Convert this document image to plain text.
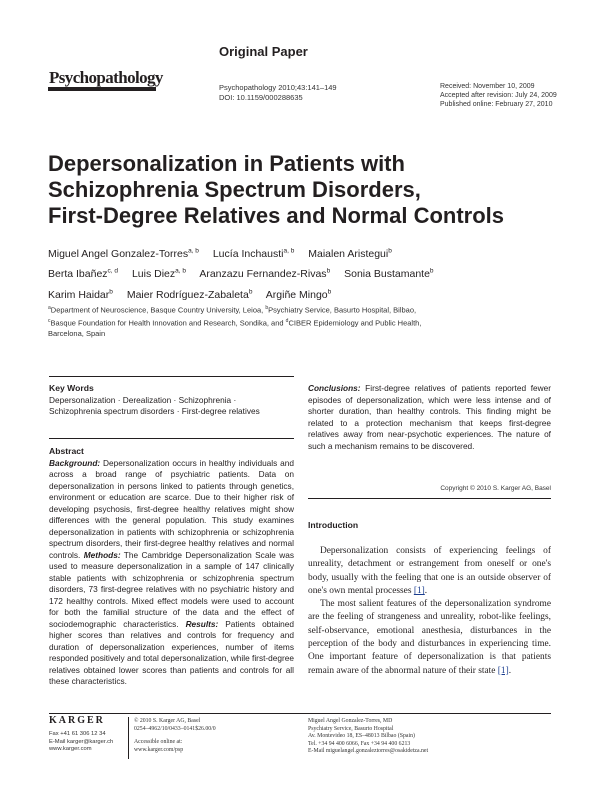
Original Paper
Psychopathology
Psychopathology 2010;43:141–149
DOI: 10.1159/000288635
Received: November 10, 2009
Accepted after revision: July 24, 2009
Published online: February 27, 2010
Depersonalization in Patients with
Schizophrenia Spectrum Disorders,
First-Degree Relatives and Normal Controls
Miguel Angel Gonzalez-Torres$^{a, b}$ Lucía Inchausti$^{a, b}$ Maialen Aristegui$^b$
Berta Ibañez$^{c, d}$ Luis Diez$^{a, b}$ Aranzazu Fernandez-Rivas$^b$ Sonia Bustamante$^b$
Karim Haidar$^b$ Maier Rodríguez-Zabaleta$^b$ Argiñe Mingo$^b$
$^a$Department of Neuroscience, Basque Country University, Leioa, $^b$Psychiatry Service, Basurto Hospital, Bilbao,
$^c$Basque Foundation for Health Innovation and Research, Sondika, and $^d$CIBER Epidemiology and Public Health,
Barcelona, Spain
Key Words
Depersonalization · Derealization · Schizophrenia ·
Schizophrenia spectrum disorders · First-degree relatives
Abstract
Background: Depersonalization occurs in healthy individuals and across a broad range of psychiatric patients. Data on depersonalization in persons linked to patients through genetics, environment or education are scarce. Due to their higher risk of developing psychosis, first-degree healthy relatives might show differences with the general population. This study examines depersonalization in patients with schizophrenia or schizophrenia spectrum disorders, their first-degree healthy relatives and normal controls. Methods: The Cambridge Depersonalization Scale was used to measure depersonalization in a sample of 147 clinically stable patients with schizophrenia or schizophrenia spectrum disorders, 73 first-degree relatives with no psychiatric history and 172 healthy controls. Mixed effect models were used to account for both the familial structure of the data and the effect of sociodemographic characteristics. Results: Patients obtained higher scores than relatives and controls for frequency and duration of depersonalization experiences, number of items responded positively and total depersonalization, while first-degree relatives obtained lower scores than patients and controls for all these characteristics.
Conclusions: First-degree relatives of patients reported fewer episodes of depersonalization, which were less intense and of shorter duration, than healthy controls. This finding might be related to a protection mechanism that keeps first-degree relatives away from near-psychotic experiences. The nature of such a mechanism remains to be discovered.
Copyright © 2010 S. Karger AG, Basel
Introduction

Depersonalization consists of experiencing feelings of unreality, detachment or estrangement from oneself or one's body, usually with the feeling that one is an outside observer of one's own mental processes [1].

The most salient features of the depersonalization syndrome are the feeling of strangeness and unreality, robot-like feelings, self-observance, emotional anesthesia, disturbances in the perception of the body and disturbances in experiencing time. One important feature of depersonalization is that patients remain aware of the abnormal nature of their state [1].

KARGER
Fax +41 61 306 12 34
E-Mail karger@karger.ch
www.karger.com
© 2010 S. Karger AG, Basel
0254–4962/10/0433–0141$26.00/0
Accessible online at:
www.karger.com/psp
Miguel Angel Gonzalez-Torres, MD
Psychiatry Service, Basurto Hospital
Av. Montevideo 18, ES–48013 Bilbao (Spain)
Tel. +34 94 400 6066, Fax +34 94 400 6213
E-Mail miguelangel.gonzaleztorres@osakidetza.net
